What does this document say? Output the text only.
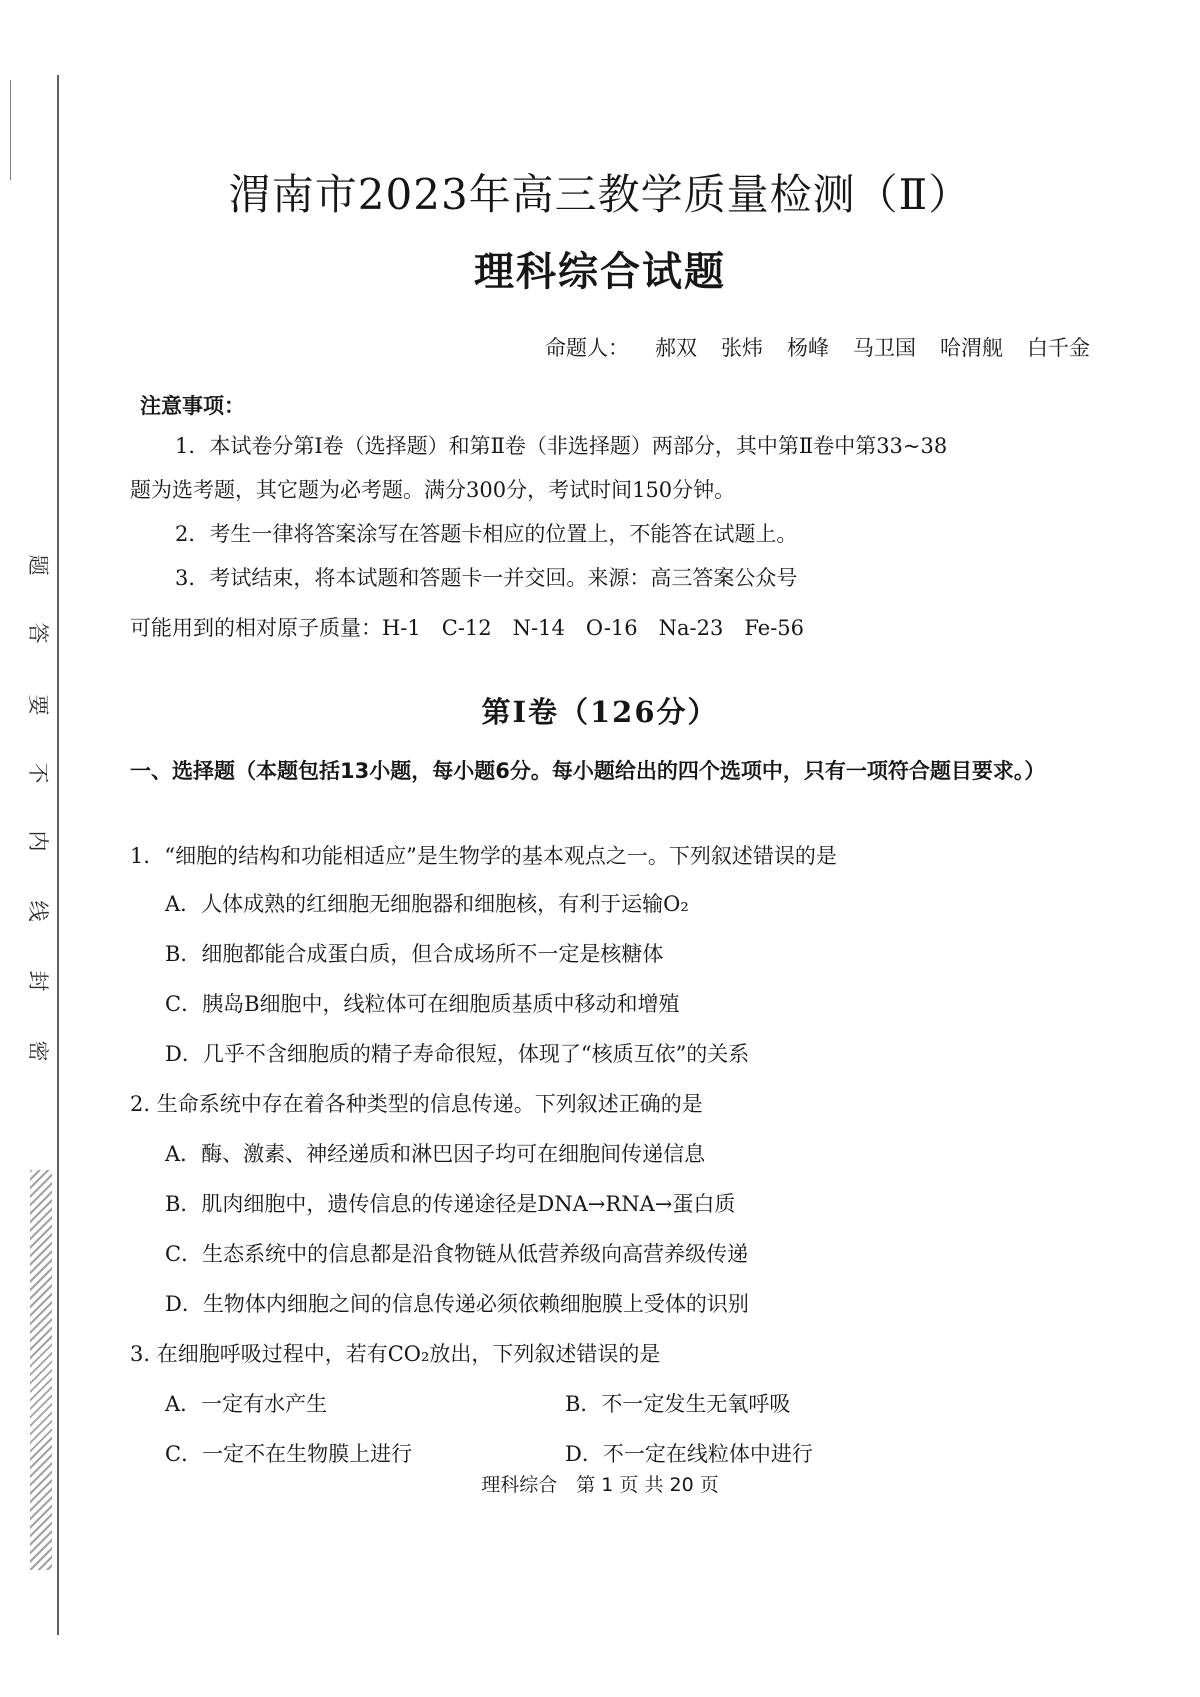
题
答
要
不
内
线
封
密
渭南市2023年高三教学质量检测（Ⅱ）
理科综合试题
命题人： 郝双 张炜 杨峰 马卫国 哈渭舰 白千金
注意事项：
1．本试卷分第Ⅰ卷（选择题）和第Ⅱ卷（非选择题）两部分，其中第Ⅱ卷中第33~38
题为选考题，其它题为必考题。满分300分，考试时间150分钟。
2．考生一律将答案涂写在答题卡相应的位置上，不能答在试题上。
3．考试结束，将本试题和答题卡一并交回。来源：高三答案公众号
可能用到的相对原子质量：H-1　C-12　N-14　O-16　Na-23　Fe-56
第Ⅰ卷（126分）
一、选择题（本题包括13小题，每小题6分。每小题给出的四个选项中，只有一项符合题目要求。）
1．“细胞的结构和功能相适应”是生物学的基本观点之一。下列叙述错误的是
A．人体成熟的红细胞无细胞器和细胞核，有利于运输O₂
B．细胞都能合成蛋白质，但合成场所不一定是核糖体
C．胰岛B细胞中，线粒体可在细胞质基质中移动和增殖
D．几乎不含细胞质的精子寿命很短，体现了“核质互依”的关系
2. 生命系统中存在着各种类型的信息传递。下列叙述正确的是
A．酶、激素、神经递质和淋巴因子均可在细胞间传递信息
B．肌肉细胞中，遗传信息的传递途径是DNA→RNA→蛋白质
C．生态系统中的信息都是沿食物链从低营养级向高营养级传递
D．生物体内细胞之间的信息传递必须依赖细胞膜上受体的识别
3. 在细胞呼吸过程中，若有CO₂放出，下列叙述错误的是
A．一定有水产生	B．不一定发生无氧呼吸
C．一定不在生物膜上进行	D．不一定在线粒体中进行
理科综合　第 1 页 共 20 页
